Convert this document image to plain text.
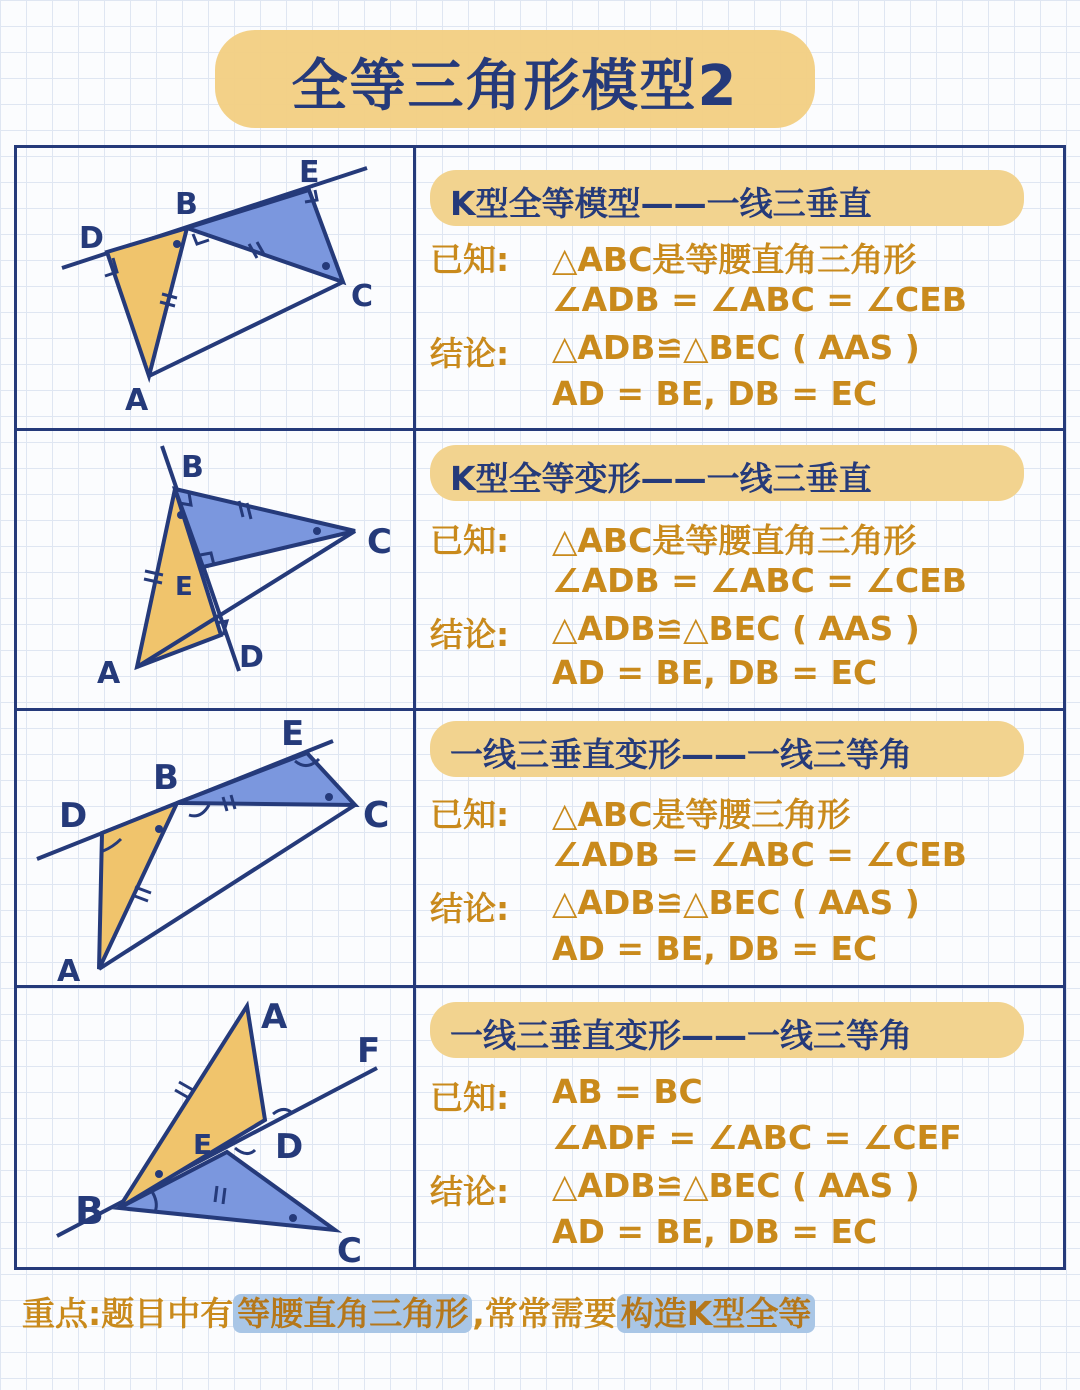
全等三角形模型2
D
B
E
C
A
K型全等模型——一线三垂直
已知: △ABC是等腰直角三角形
∠ADB = ∠ABC = ∠CEB
结论: △ADB≌△BEC ( AAS )
AD = BE, DB = EC
B
C
E
A	D
K型全等变形——一线三垂直
已知: △ABC是等腰直角三角形
∠ADB = ∠ABC = ∠CEB
结论: △ADB≌△BEC ( AAS )
AD = BE, DB = EC
D
B
E
C
A
一线三垂直变形——一线三等角
已知: △ABC是等腰三角形
∠ADB = ∠ABC = ∠CEB
结论: △ADB≌△BEC ( AAS )
AD = BE, DB = EC
A
F
D
E
B
C
一线三垂直变形——一线三等角
已知: AB = BC
∠ADF = ∠ABC = ∠CEF
结论: △ADB≌△BEC ( AAS )
AD = BE, DB = EC
重点:题目中有 等腰直角三角形 ,常常需要 构造K型全等
